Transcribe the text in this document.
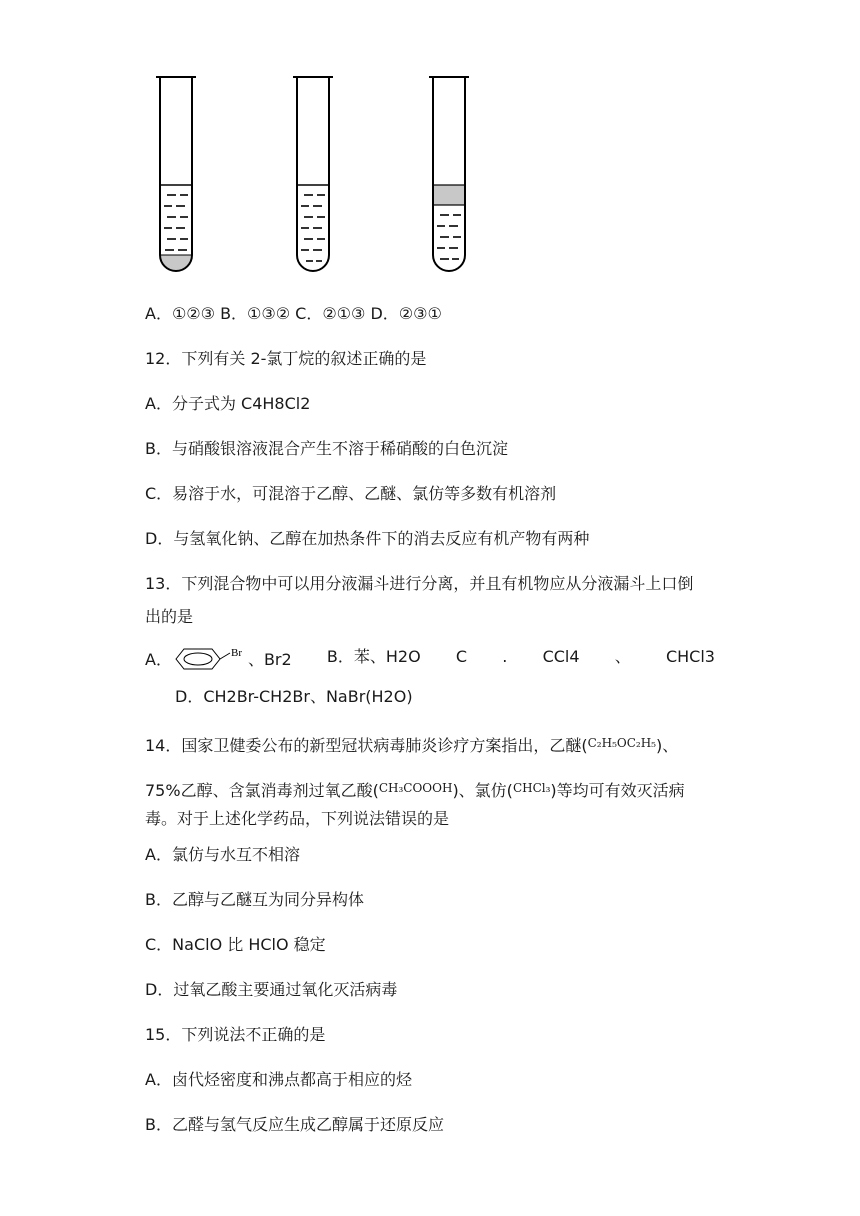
A．①②③ B．①③② C．②①③ D．②③①
12．下列有关 2-氯丁烷的叙述正确的是
A．分子式为 C4H8Cl2
B．与硝酸银溶液混合产生不溶于稀硝酸的白色沉淀
C．易溶于水，可混溶于乙醇、乙醚、氯仿等多数有机溶剂
D．与氢氧化钠、乙醇在加热条件下的消去反应有机产物有两种
13．下列混合物中可以用分液漏斗进行分离，并且有机物应从分液漏斗上口倒
出的是
A．	Br 、Br2 B．苯、H2O C . CCl4 、 CHCl3
D．CH2Br-CH2Br、NaBr(H2O)
14．国家卫健委公布的新型冠状病毒肺炎诊疗方案指出，乙醚($^{C_2H_5OC_2H_5}$)、
75%乙醇、含氯消毒剂过氧乙酸($^{CH_3COOOH}$)、氯仿($^{CHCl_3}$)等均可有效灭活病
毒。对于上述化学药品，下列说法错误的是
A．氯仿与水互不相溶
B．乙醇与乙醚互为同分异构体
C．NaClO 比 HClO 稳定
D．过氧乙酸主要通过氧化灭活病毒
15．下列说法不正确的是
A．卤代烃密度和沸点都高于相应的烃
B．乙醛与氢气反应生成乙醇属于还原反应
